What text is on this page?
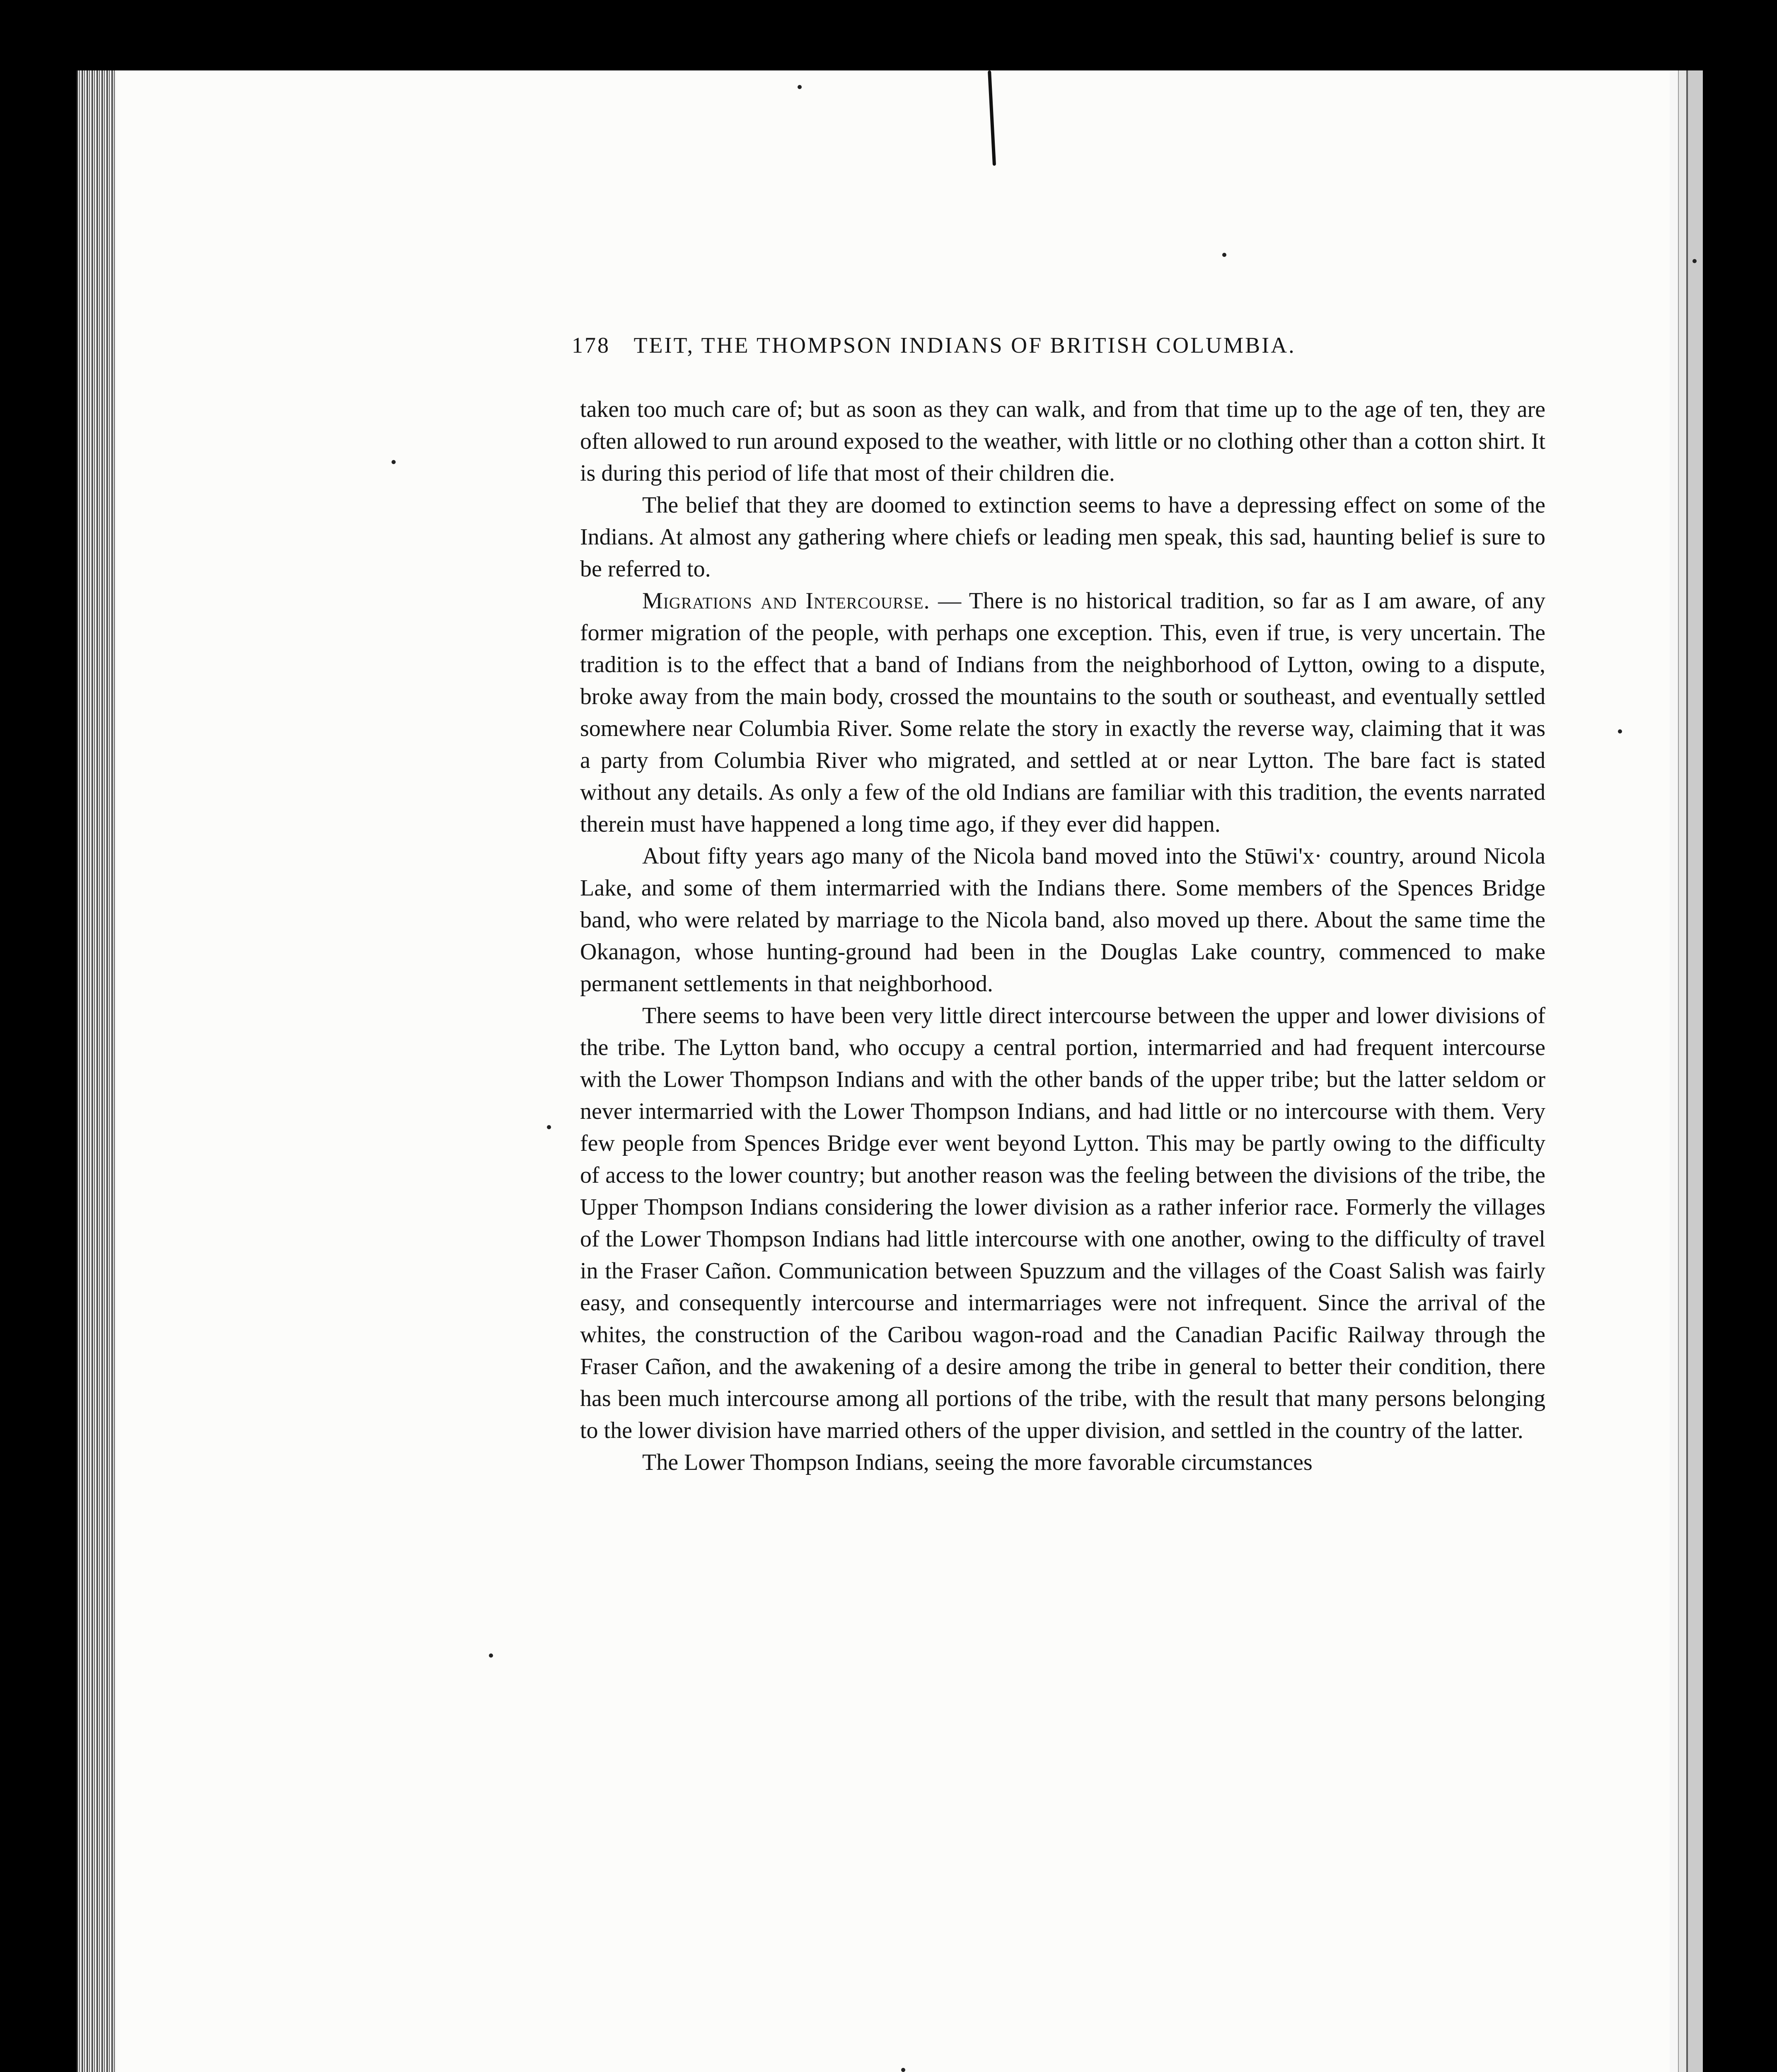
178 TEIT, THE THOMPSON INDIANS OF BRITISH COLUMBIA.

taken too much care of; but as soon as they can walk, and from that time up to the age of ten, they are often allowed to run around exposed to the weather, with little or no clothing other than a cotton shirt. It is during this period of life that most of their children die.

The belief that they are doomed to extinction seems to have a depressing effect on some of the Indians. At almost any gathering where chiefs or leading men speak, this sad, haunting belief is sure to be referred to.

Migrations and Intercourse. — There is no historical tradition, so far as I am aware, of any former migration of the people, with perhaps one exception. This, even if true, is very uncertain. The tradition is to the effect that a band of Indians from the neighborhood of Lytton, owing to a dispute, broke away from the main body, crossed the mountains to the south or southeast, and eventually settled somewhere near Columbia River. Some relate the story in exactly the reverse way, claiming that it was a party from Columbia River who migrated, and settled at or near Lytton. The bare fact is stated without any details. As only a few of the old Indians are familiar with this tradition, the events narrated therein must have happened a long time ago, if they ever did happen.

About fifty years ago many of the Nicola band moved into the Stūwi'x· country, around Nicola Lake, and some of them intermarried with the Indians there. Some members of the Spences Bridge band, who were related by marriage to the Nicola band, also moved up there. About the same time the Okanagon, whose hunting-ground had been in the Douglas Lake country, commenced to make permanent settlements in that neighborhood.

There seems to have been very little direct intercourse between the upper and lower divisions of the tribe. The Lytton band, who occupy a central portion, intermarried and had frequent intercourse with the Lower Thompson Indians and with the other bands of the upper tribe; but the latter seldom or never intermarried with the Lower Thompson Indians, and had little or no intercourse with them. Very few people from Spences Bridge ever went beyond Lytton. This may be partly owing to the difficulty of access to the lower country; but another reason was the feeling between the divisions of the tribe, the Upper Thompson Indians considering the lower division as a rather inferior race. Formerly the villages of the Lower Thompson Indians had little intercourse with one another, owing to the difficulty of travel in the Fraser Cañon. Communication between Spuzzum and the villages of the Coast Salish was fairly easy, and consequently intercourse and intermarriages were not infrequent. Since the arrival of the whites, the construction of the Caribou wagon-road and the Canadian Pacific Railway through the Fraser Cañon, and the awakening of a desire among the tribe in general to better their condition, there has been much intercourse among all portions of the tribe, with the result that many persons belonging to the lower division have married others of the upper division, and settled in the country of the latter.

The Lower Thompson Indians, seeing the more favorable circumstances
